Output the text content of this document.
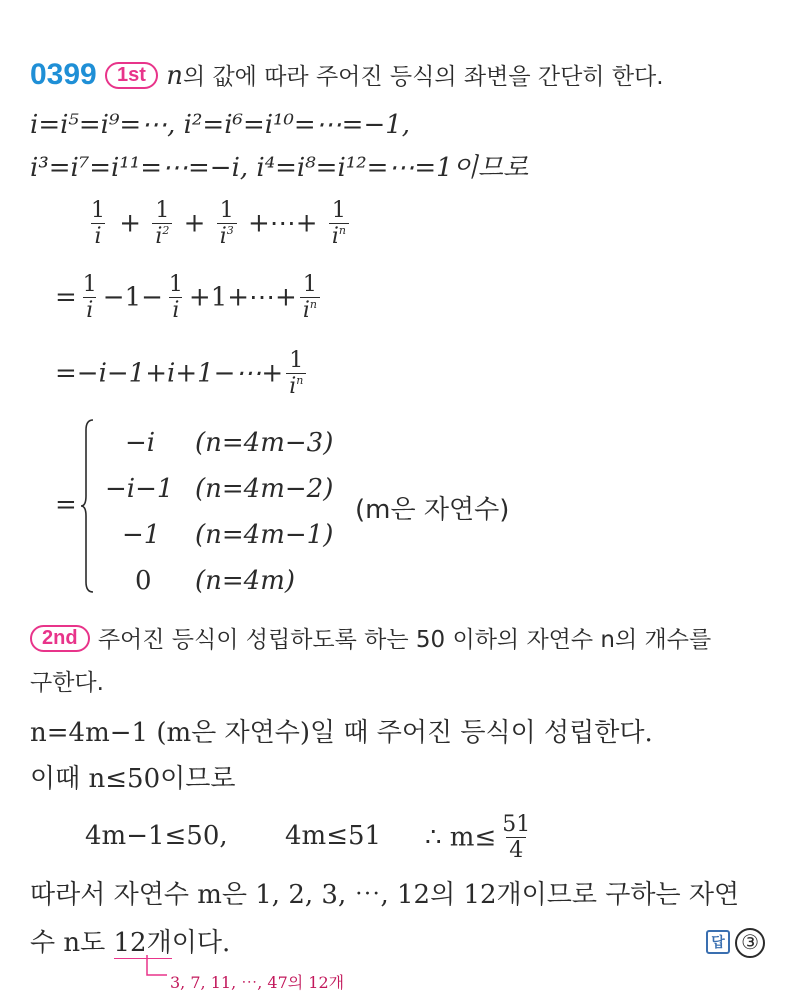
0399 1st n의 값에 따라 주어진 등식의 좌변을 간단히 한다.
i=i⁵=i⁹=⋯, i²=i⁶=i¹⁰=⋯=−1,
i³=i⁷=i¹¹=⋯=−i, i⁴=i⁸=i¹²=⋯=1이므로
$\frac{1}{i} + \frac{1}{i^2} + \frac{1}{i^3}$ +⋯+ $\frac{1}{i^n}$
= $\frac{1}{i} -1- \frac{1}{i}$ +1+⋯+ $\frac{1}{i^n}$
=−i−1+i+1−⋯+ $\frac{1}{i^n}$
=
−i (n=4m−3)
−i−1 (n=4m−2)
−1 (n=4m−1)
0 (n=4m)
(m은 자연수)
2nd 주어진 등식이 성립하도록 하는 50 이하의 자연수 n의 개수를
구한다.
n=4m−1 (m은 자연수)일 때 주어진 등식이 성립한다.
이때 n≤50이므로
4m−1≤50, 4m≤51 ∴ $m\le \frac{51}{4}$
따라서 자연수 m은 1, 2, 3, ⋯, 12의 12개이므로 구하는 자연
수 n도 12개이다.	답 ③
3, 7, 11, ⋯, 47의 12개
